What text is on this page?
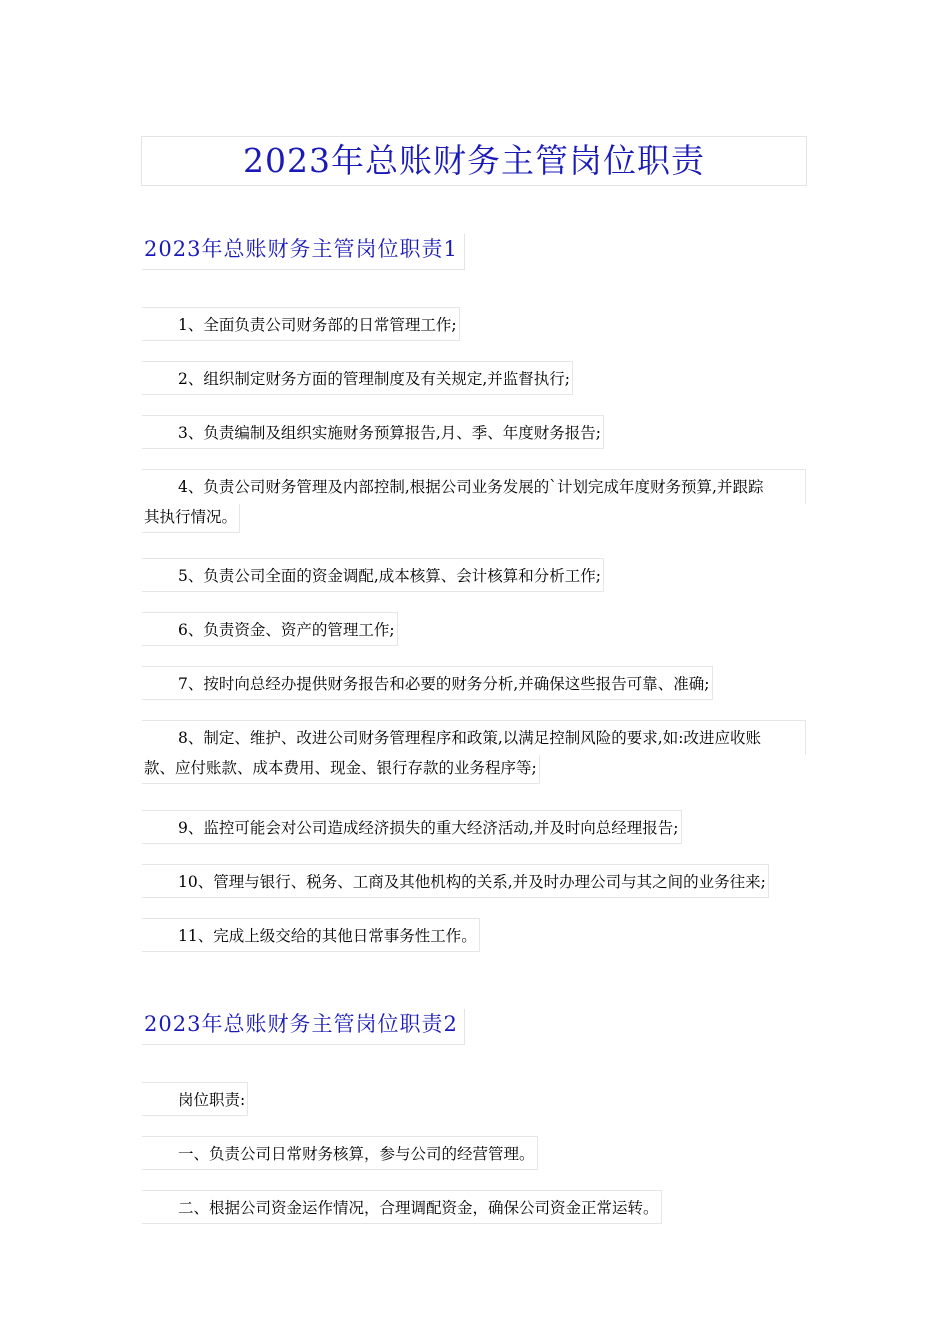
2023年总账财务主管岗位职责
2023年总账财务主管岗位职责1
1、全面负责公司财务部的日常管理工作;
2、组织制定财务方面的管理制度及有关规定,并监督执行;
3、负责编制及组织实施财务预算报告,月、季、年度财务报告;
4、负责公司财务管理及内部控制,根据公司业务发展的`计划完成年度财务预算,并跟踪
其执行情况。
5、负责公司全面的资金调配,成本核算、会计核算和分析工作;
6、负责资金、资产的管理工作;
7、按时向总经办提供财务报告和必要的财务分析,并确保这些报告可靠、准确;
8、制定、维护、改进公司财务管理程序和政策,以满足控制风险的要求,如:改进应收账
款、应付账款、成本费用、现金、银行存款的业务程序等;
9、监控可能会对公司造成经济损失的重大经济活动,并及时向总经理报告;
10、管理与银行、税务、工商及其他机构的关系,并及时办理公司与其之间的业务往来;
11、完成上级交给的其他日常事务性工作。
2023年总账财务主管岗位职责2
岗位职责:
一、负责公司日常财务核算，参与公司的经营管理。
二、根据公司资金运作情况，合理调配资金，确保公司资金正常运转。
